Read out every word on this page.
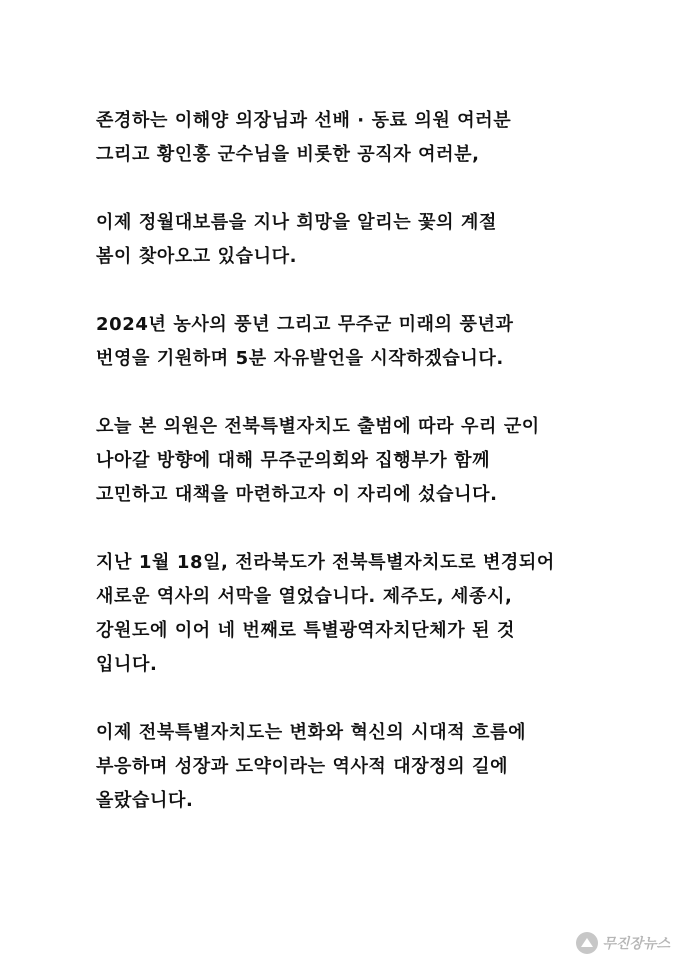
존경하는 이해양 의장님과 선배 · 동료 의원 여러분
그리고 황인홍 군수님을 비롯한 공직자 여러분,

이제 정월대보름을 지나 희망을 알리는 꽃의 계절
봄이 찾아오고 있습니다.

2024년 농사의 풍년 그리고 무주군 미래의 풍년과
번영을 기원하며 5분 자유발언을 시작하겠습니다.

오늘 본 의원은 전북특별자치도 출범에 따라 우리 군이
나아갈 방향에 대해 무주군의회와 집행부가 함께
고민하고 대책을 마련하고자 이 자리에 섰습니다.

지난 1월 18일, 전라북도가 전북특별자치도로 변경되어
새로운 역사의 서막을 열었습니다. 제주도, 세종시,
강원도에 이어 네 번째로 특별광역자치단체가 된 것
입니다.

이제 전북특별자치도는 변화와 혁신의 시대적 흐름에
부응하며 성장과 도약이라는 역사적 대장정의 길에
올랐습니다.

무진장뉴스
